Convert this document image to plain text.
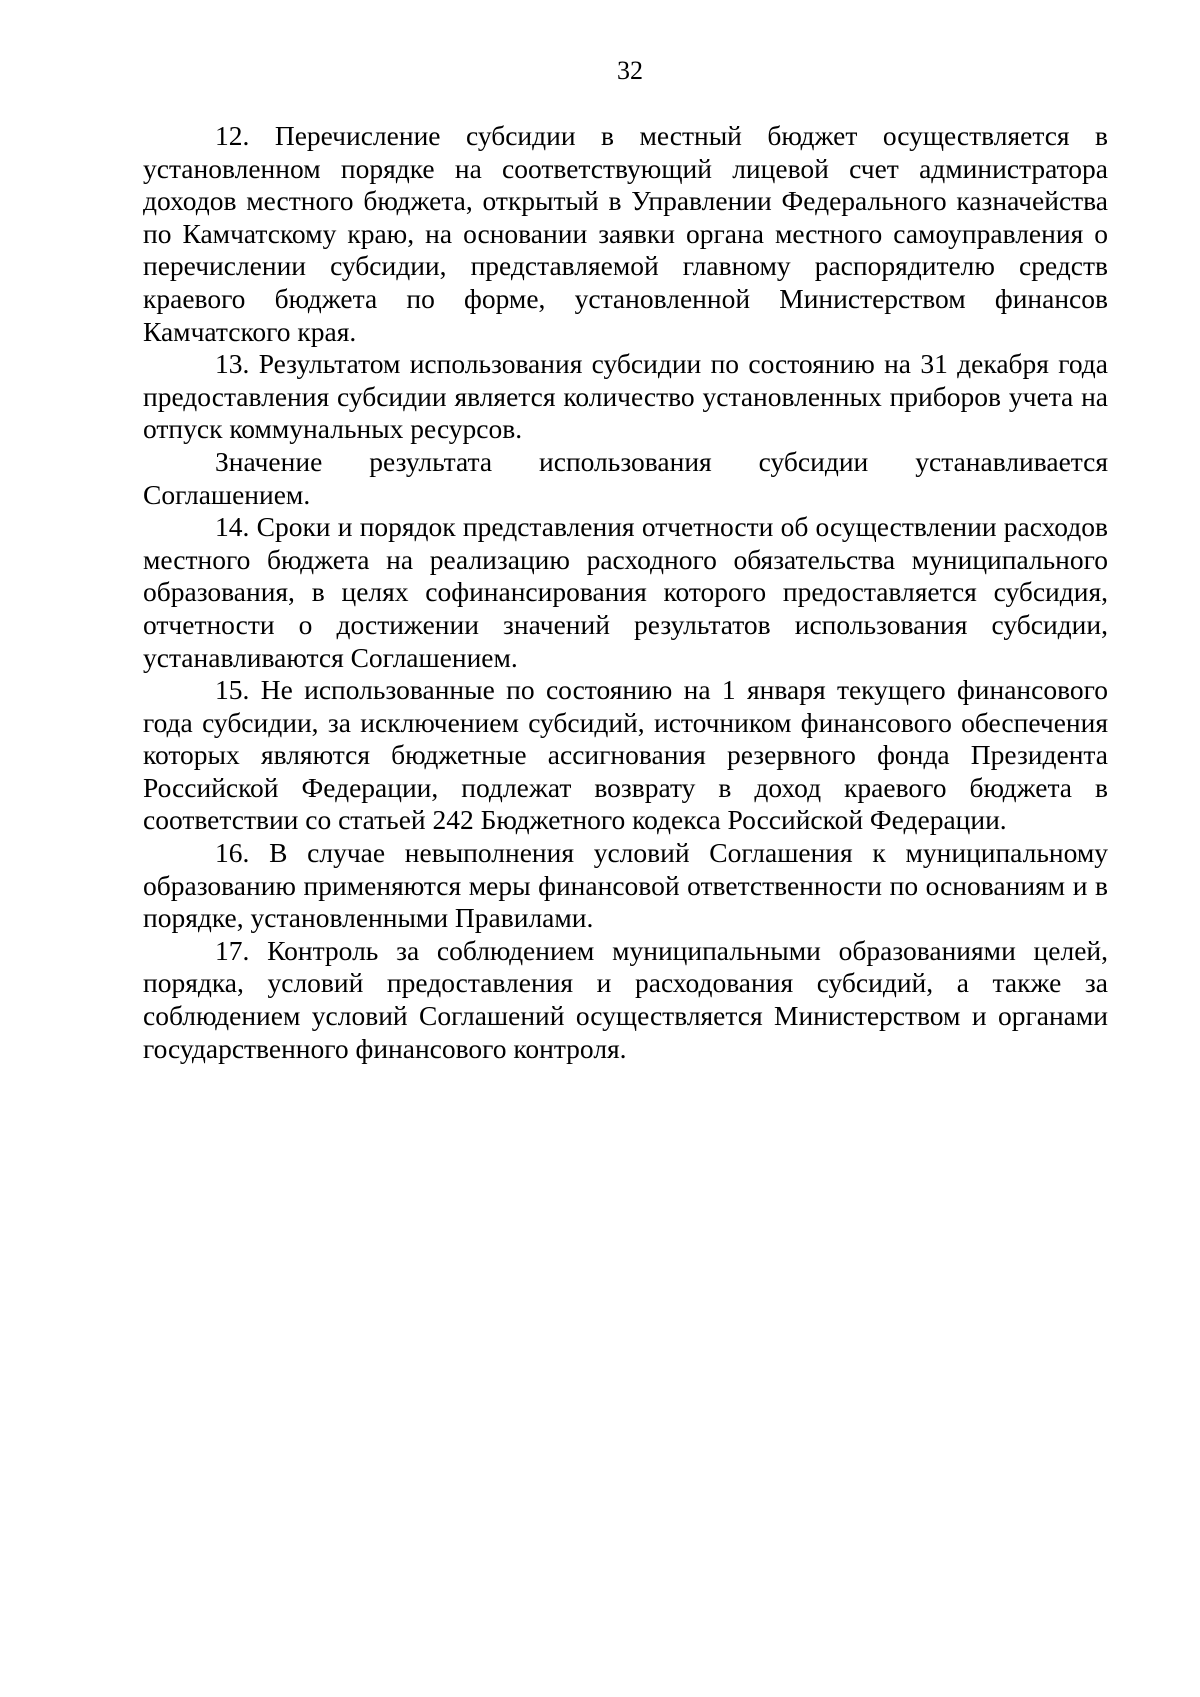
32

12. Перечисление субсидии в местный бюджет осуществляется в установленном порядке на соответствующий лицевой счет администратора доходов местного бюджета, открытый в Управлении Федерального казначейства по Камчатскому краю, на основании заявки органа местного самоуправления о перечислении субсидии, представляемой главному распорядителю средств краевого бюджета по форме, установленной Министерством финансов Камчатского края.

13. Результатом использования субсидии по состоянию на 31 декабря года предоставления субсидии является количество установленных приборов учета на отпуск коммунальных ресурсов.

Значение результата использования субсидии устанавливается Соглашением.

14. Сроки и порядок представления отчетности об осуществлении расходов местного бюджета на реализацию расходного обязательства муниципального образования, в целях софинансирования которого предоставляется субсидия, отчетности о достижении значений результатов использования субсидии, устанавливаются Соглашением.

15. Не использованные по состоянию на 1 января текущего финансового года субсидии, за исключением субсидий, источником финансового обеспечения которых являются бюджетные ассигнования резервного фонда Президента Российской Федерации, подлежат возврату в доход краевого бюджета в соответствии со статьей 242 Бюджетного кодекса Российской Федерации.

16. В случае невыполнения условий Соглашения к муниципальному образованию применяются меры финансовой ответственности по основаниям и в порядке, установленными Правилами.

17. Контроль за соблюдением муниципальными образованиями целей, порядка, условий предоставления и расходования субсидий, а также за соблюдением условий Соглашений осуществляется Министерством и органами государственного финансового контроля.
